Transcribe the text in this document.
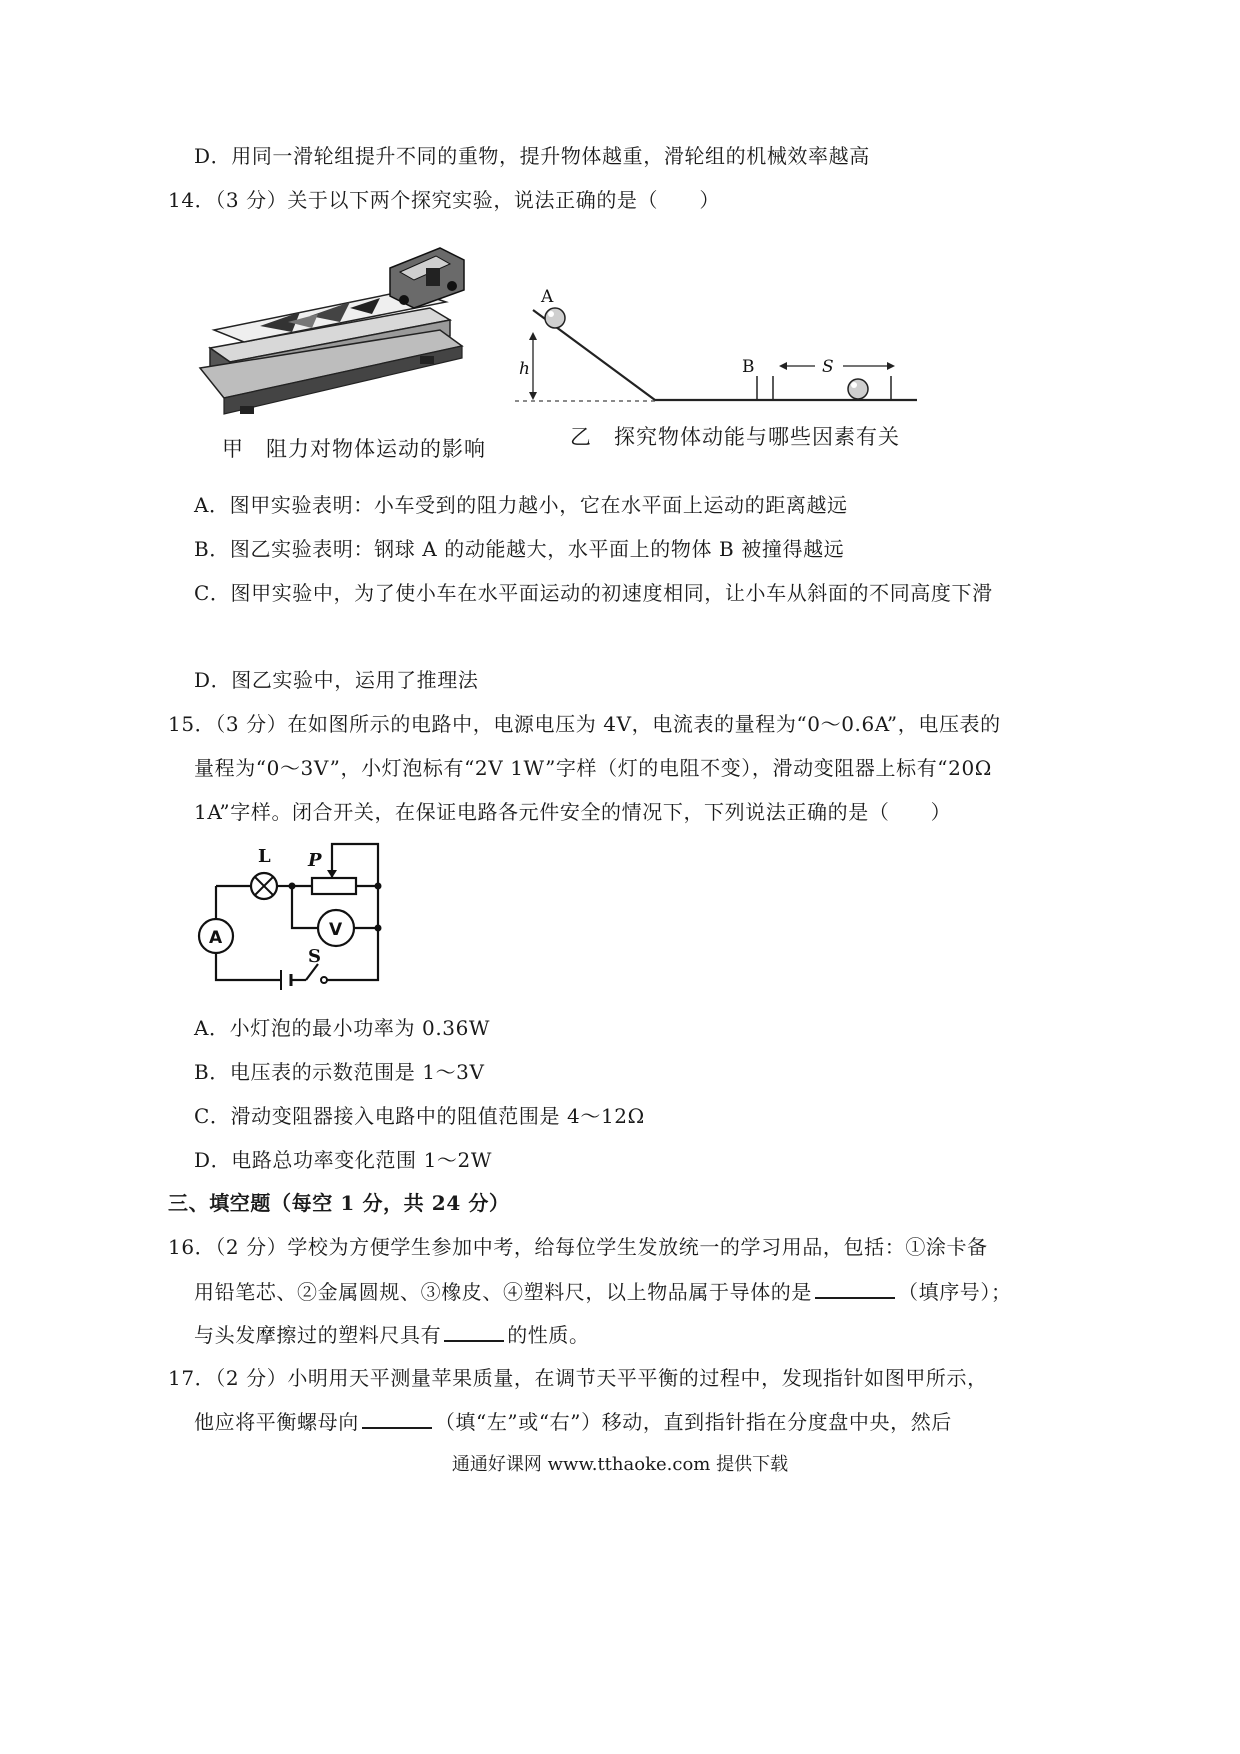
D．用同一滑轮组提升不同的重物，提升物体越重，滑轮组的机械效率越高
14．（3 分）关于以下两个探究实验，说法正确的是（　　）
甲　阻力对物体运动的影响
A
h	B	S
乙　探究物体动能与哪些因素有关
A．图甲实验表明：小车受到的阻力越小，它在水平面上运动的距离越远
B．图乙实验表明：钢球 A 的动能越大，水平面上的物体 B 被撞得越远
C．图甲实验中，为了使小车在水平面运动的初速度相同，让小车从斜面的不同高度下滑
D．图乙实验中，运用了推理法
15．（3 分）在如图所示的电路中，电源电压为 4V，电流表的量程为“0～0.6A”，电压表的
量程为“0～3V”，小灯泡标有“2V 1W”字样（灯的电阻不变），滑动变阻器上标有“20Ω
1A”字样。闭合开关，在保证电路各元件安全的情况下，下列说法正确的是（　　）
L P
V
A
S
A．小灯泡的最小功率为 0.36W
B．电压表的示数范围是 1～3V
C．滑动变阻器接入电路中的阻值范围是 4～12Ω
D．电路总功率变化范围 1～2W
三、填空题（每空 1 分，共 24 分）
16．（2 分）学校为方便学生参加中考，给每位学生发放统一的学习用品，包括：①涂卡备
用铅笔芯、②金属圆规、③橡皮、④塑料尺，以上物品属于导体的是	（填序号）；
与头发摩擦过的塑料尺具有	的性质。
17．（2 分）小明用天平测量苹果质量，在调节天平平衡的过程中，发现指针如图甲所示，
他应将平衡螺母向	（填“左”或“右”）移动，直到指针指在分度盘中央，然后
通通好课网 www.tthaoke.com 提供下载
